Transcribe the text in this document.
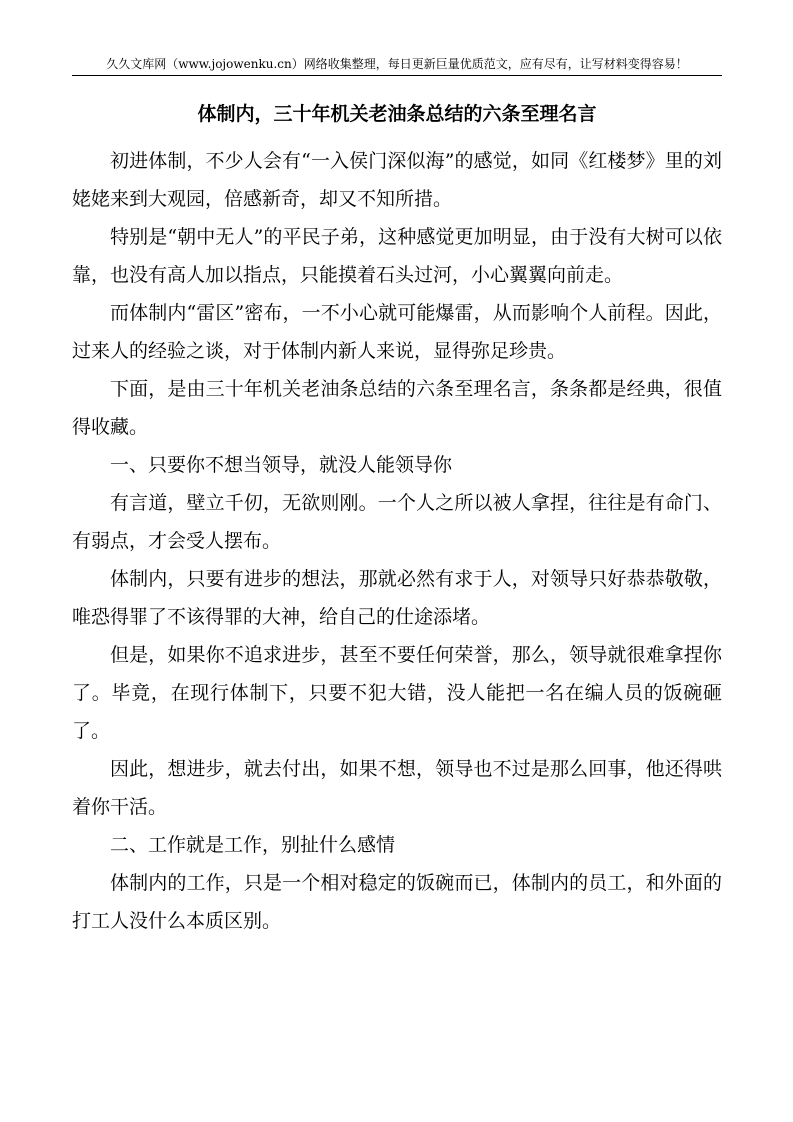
久久文库网（www.jojowenku.cn）网络收集整理，每日更新巨量优质范文，应有尽有，让写材料变得容易！
体制内，三十年机关老油条总结的六条至理名言

初进体制，不少人会有“一入侯门深似海”的感觉，如同《红楼梦》里的刘姥姥来到大观园，倍感新奇，却又不知所措。

特别是“朝中无人”的平民子弟，这种感觉更加明显，由于没有大树可以依靠，也没有高人加以指点，只能摸着石头过河，小心翼翼向前走。

而体制内“雷区”密布，一不小心就可能爆雷，从而影响个人前程。因此，过来人的经验之谈，对于体制内新人来说，显得弥足珍贵。

下面，是由三十年机关老油条总结的六条至理名言，条条都是经典，很值得收藏。

一、只要你不想当领导，就没人能领导你

有言道，壁立千仞，无欲则刚。一个人之所以被人拿捏，往往是有命门、有弱点，才会受人摆布。

体制内，只要有进步的想法，那就必然有求于人，对领导只好恭恭敬敬，唯恐得罪了不该得罪的大神，给自己的仕途添堵。

但是，如果你不追求进步，甚至不要任何荣誉，那么，领导就很难拿捏你了。毕竟，在现行体制下，只要不犯大错，没人能把一名在编人员的饭碗砸了。

因此，想进步，就去付出，如果不想，领导也不过是那么回事，他还得哄着你干活。

二、工作就是工作，别扯什么感情

体制内的工作，只是一个相对稳定的饭碗而已，体制内的员工，和外面的打工人没什么本质区别。
